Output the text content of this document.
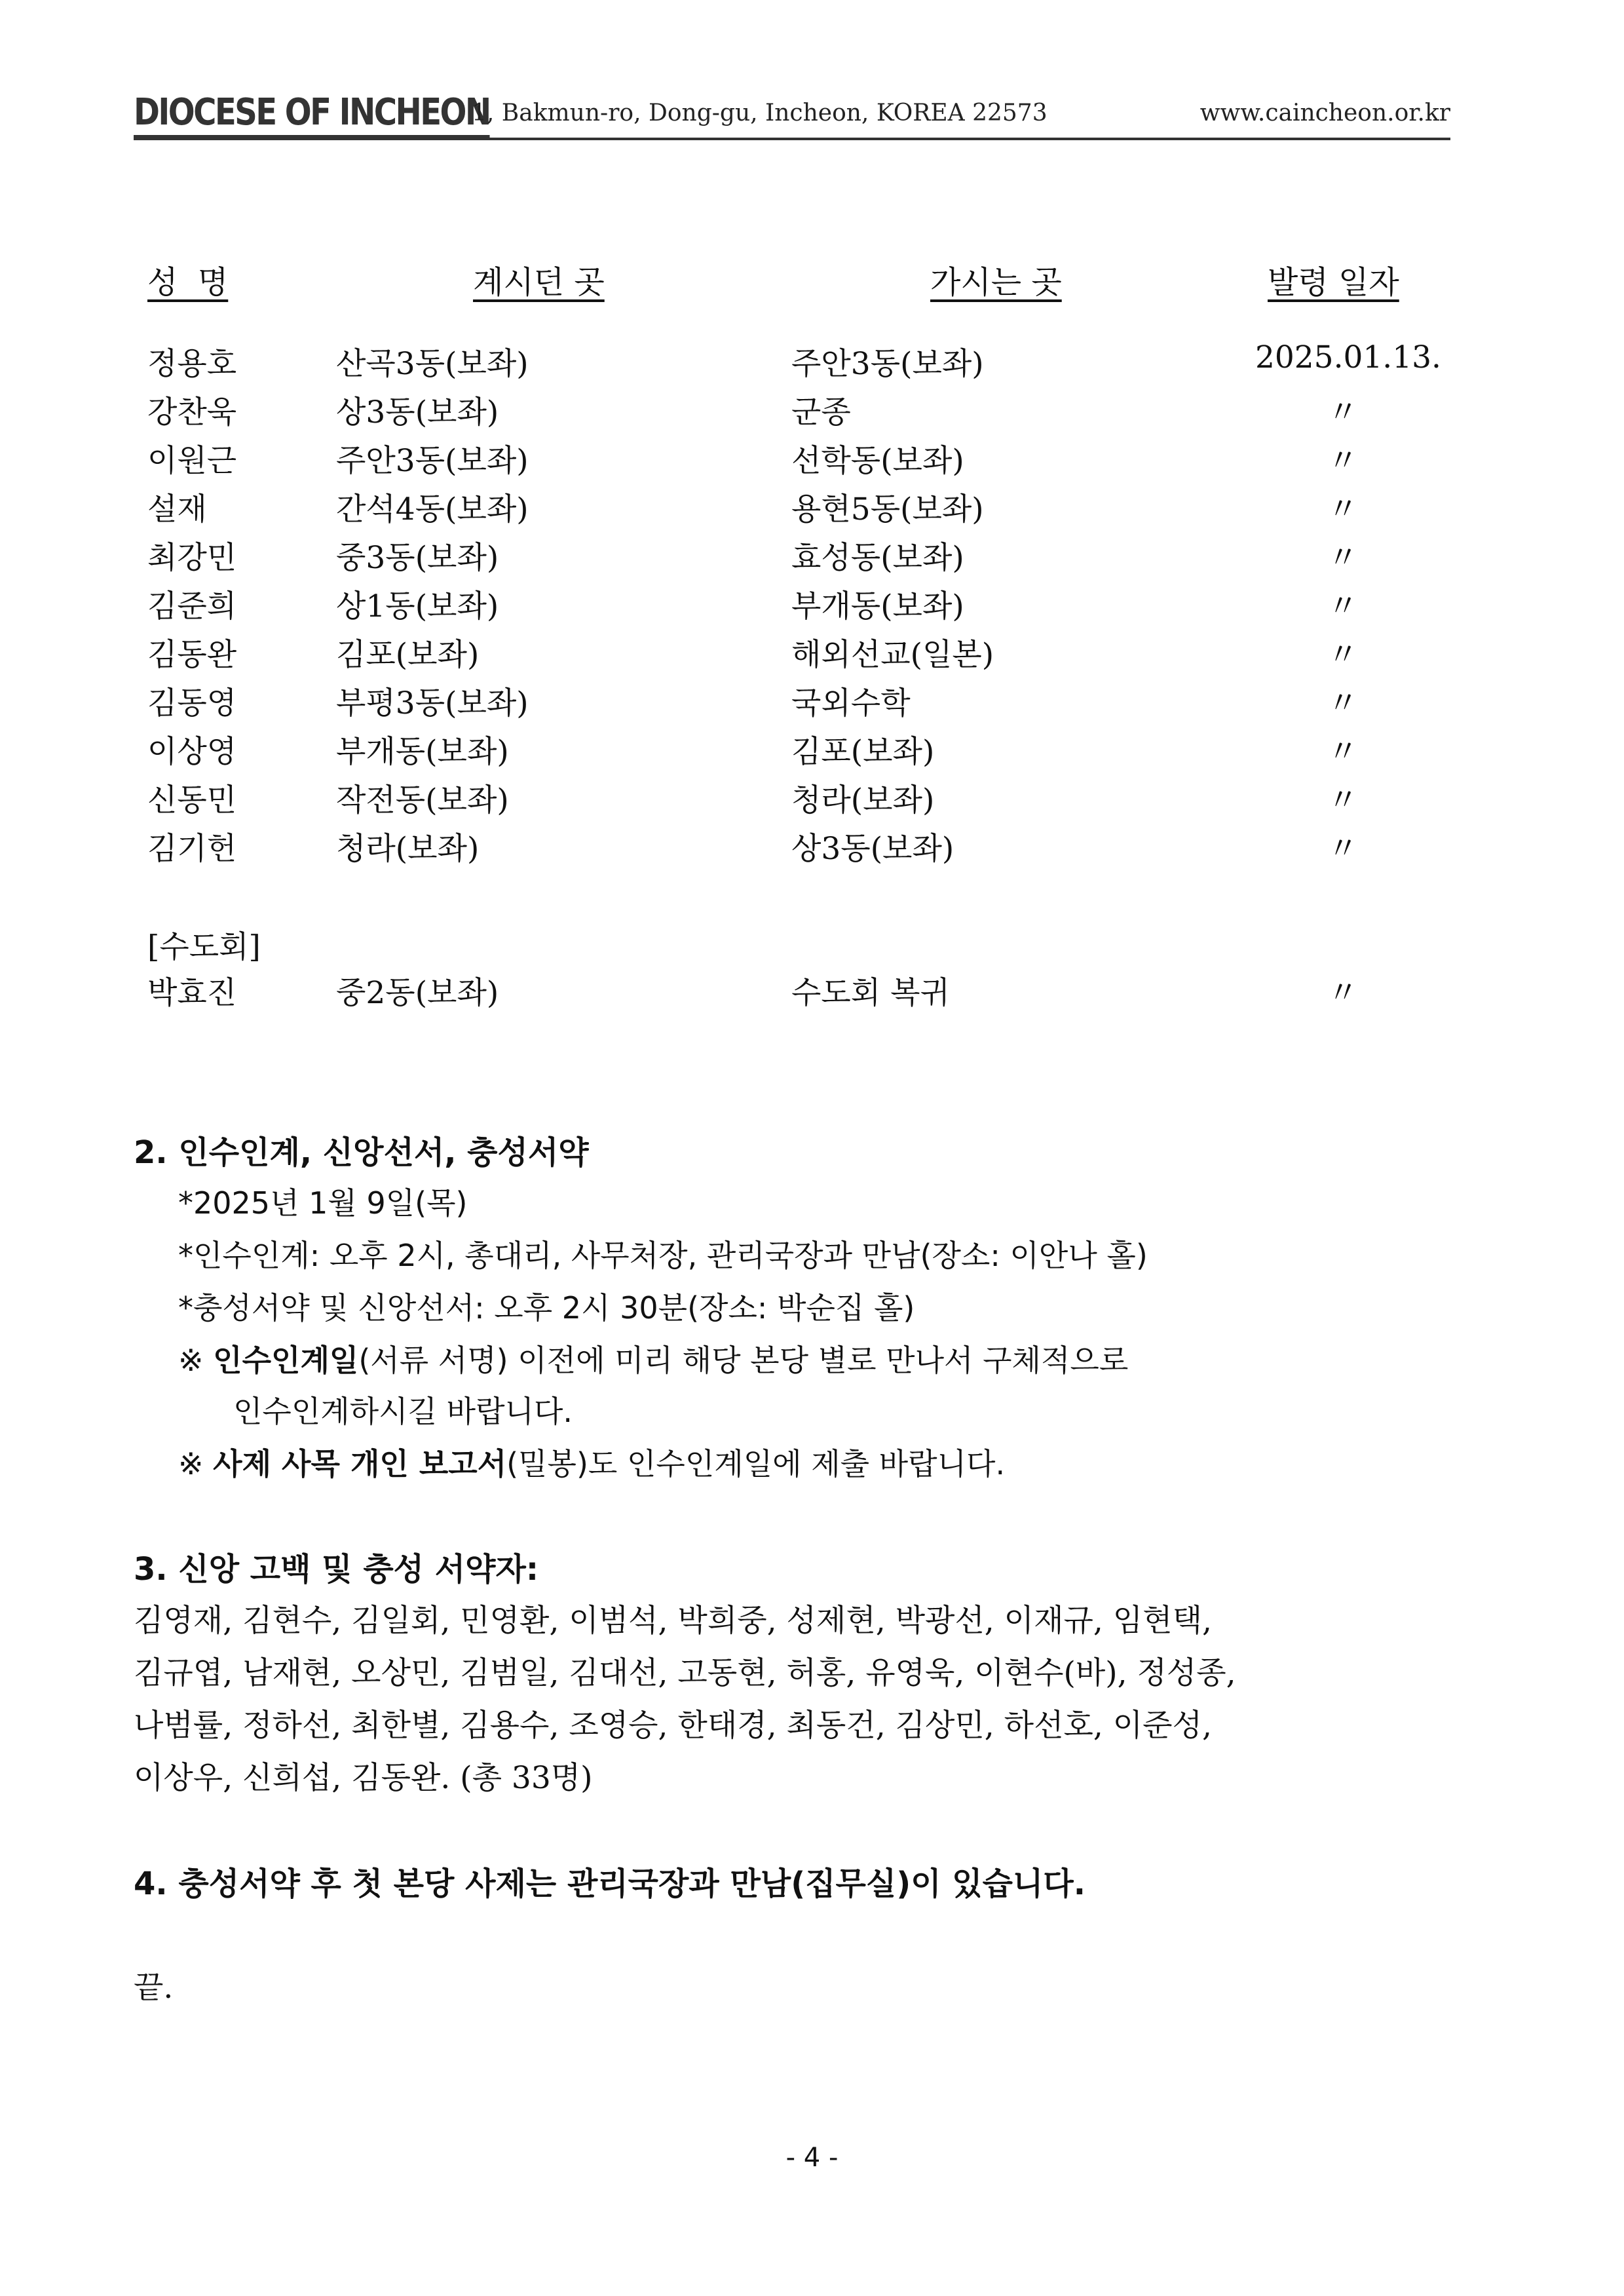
DIOCESE OF INCHEON
1, Bakmun-ro, Dong-gu, Incheon, KOREA 22573	www.caincheon.or.kr
성  명	계시던 곳	가시는 곳	발령 일자
정용호	산곡3동(보좌)	주안3동(보좌)	2025.01.13.
강찬욱	상3동(보좌)	군종	〃
이원근	주안3동(보좌)	선학동(보좌)	〃
설재	간석4동(보좌)	용현5동(보좌)	〃
최강민	중3동(보좌)	효성동(보좌)	〃
김준희	상1동(보좌)	부개동(보좌)	〃
김동완	김포(보좌)	해외선교(일본)	〃
김동영	부평3동(보좌)	국외수학	〃
이상영	부개동(보좌)	김포(보좌)	〃
신동민	작전동(보좌)	청라(보좌)	〃
김기헌	청라(보좌)	상3동(보좌)	〃
[수도회]
박효진	중2동(보좌)	수도회 복귀	〃
2. 인수인계, 신앙선서, 충성서약
*2025년 1월 9일(목)
*인수인계: 오후 2시, 총대리, 사무처장, 관리국장과 만남(장소: 이안나 홀)
*충성서약 및 신앙선서: 오후 2시 30분(장소: 박순집 홀)
※ 인수인계일(서류 서명) 이전에 미리 해당 본당 별로 만나서 구체적으로
인수인계하시길 바랍니다.
※ 사제 사목 개인 보고서(밀봉)도 인수인계일에 제출 바랍니다.
3. 신앙 고백 및 충성 서약자:
김영재, 김현수, 김일회, 민영환, 이범석, 박희중, 성제현, 박광선, 이재규, 임현택,
김규엽, 남재현, 오상민, 김범일, 김대선, 고동현, 허홍, 유영욱, 이현수(바), 정성종,
나범률, 정하선, 최한별, 김용수, 조영승, 한태경, 최동건, 김상민, 하선호, 이준성,
이상우, 신희섭, 김동완. (총 33명)
4. 충성서약 후 첫 본당 사제는 관리국장과 만남(집무실)이 있습니다.
끝.
- 4 -
